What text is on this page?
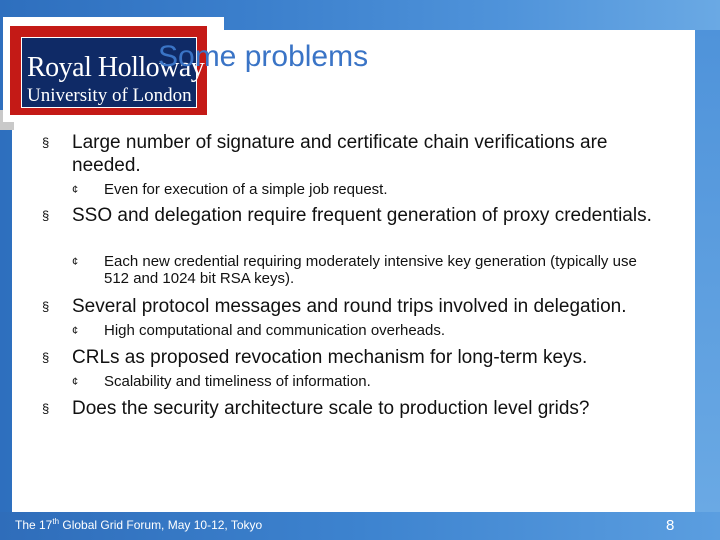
Royal Holloway
University of London
Some problems
§ Large number of signature and certificate chain verifications are needed.
¢ Even for execution of a simple job request.
§ SSO and delegation require frequent generation of proxy credentials.
¢ Each new credential requiring moderately intensive key generation (typically use 512 and 1024 bit RSA keys).
§ Several protocol messages and round trips involved in delegation.
¢ High computational and communication overheads.
§ CRLs as proposed revocation mechanism for long-term keys.
¢ Scalability and timeliness of information.
§ Does the security architecture scale to production level grids?
The 17th Global Grid Forum, May 10-12, Tokyo	8
